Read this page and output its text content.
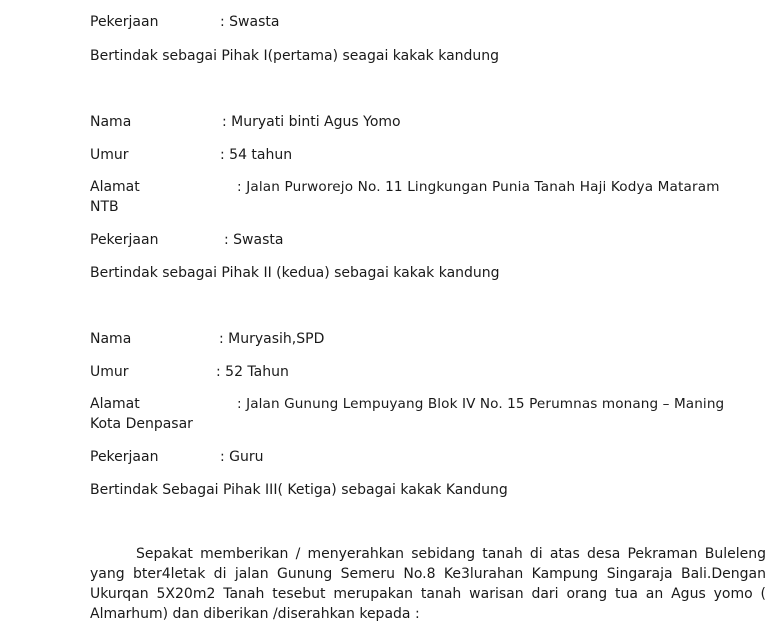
Pekerjaan	: Swasta
Bertindak sebagai Pihak I(pertama) seagai kakak kandung
Nama	: Muryati binti Agus Yomo
Umur	: 54 tahun
Alamat	: Jalan Purworejo No. 11 Lingkungan Punia Tanah Haji Kodya Mataram
NTB
Pekerjaan	: Swasta
Bertindak sebagai Pihak II (kedua) sebagai kakak kandung
Nama	: Muryasih,SPD
Umur	: 52 Tahun
Alamat	: Jalan Gunung Lempuyang Blok IV No. 15 Perumnas monang – Maning
Kota Denpasar
Pekerjaan	: Guru
Bertindak Sebagai Pihak III( Ketiga) sebagai kakak Kandung
Sepakat memberikan / menyerahkan sebidang tanah di atas desa Pekraman Buleleng yang bter4letak di jalan Gunung Semeru No.8 Ke3lurahan Kampung Singaraja Bali.Dengan Ukurqan 5X20m2 Tanah tesebut merupakan tanah warisan dari orang tua an Agus yomo ( Almarhum) dan diberikan /diserahkan kepada :
